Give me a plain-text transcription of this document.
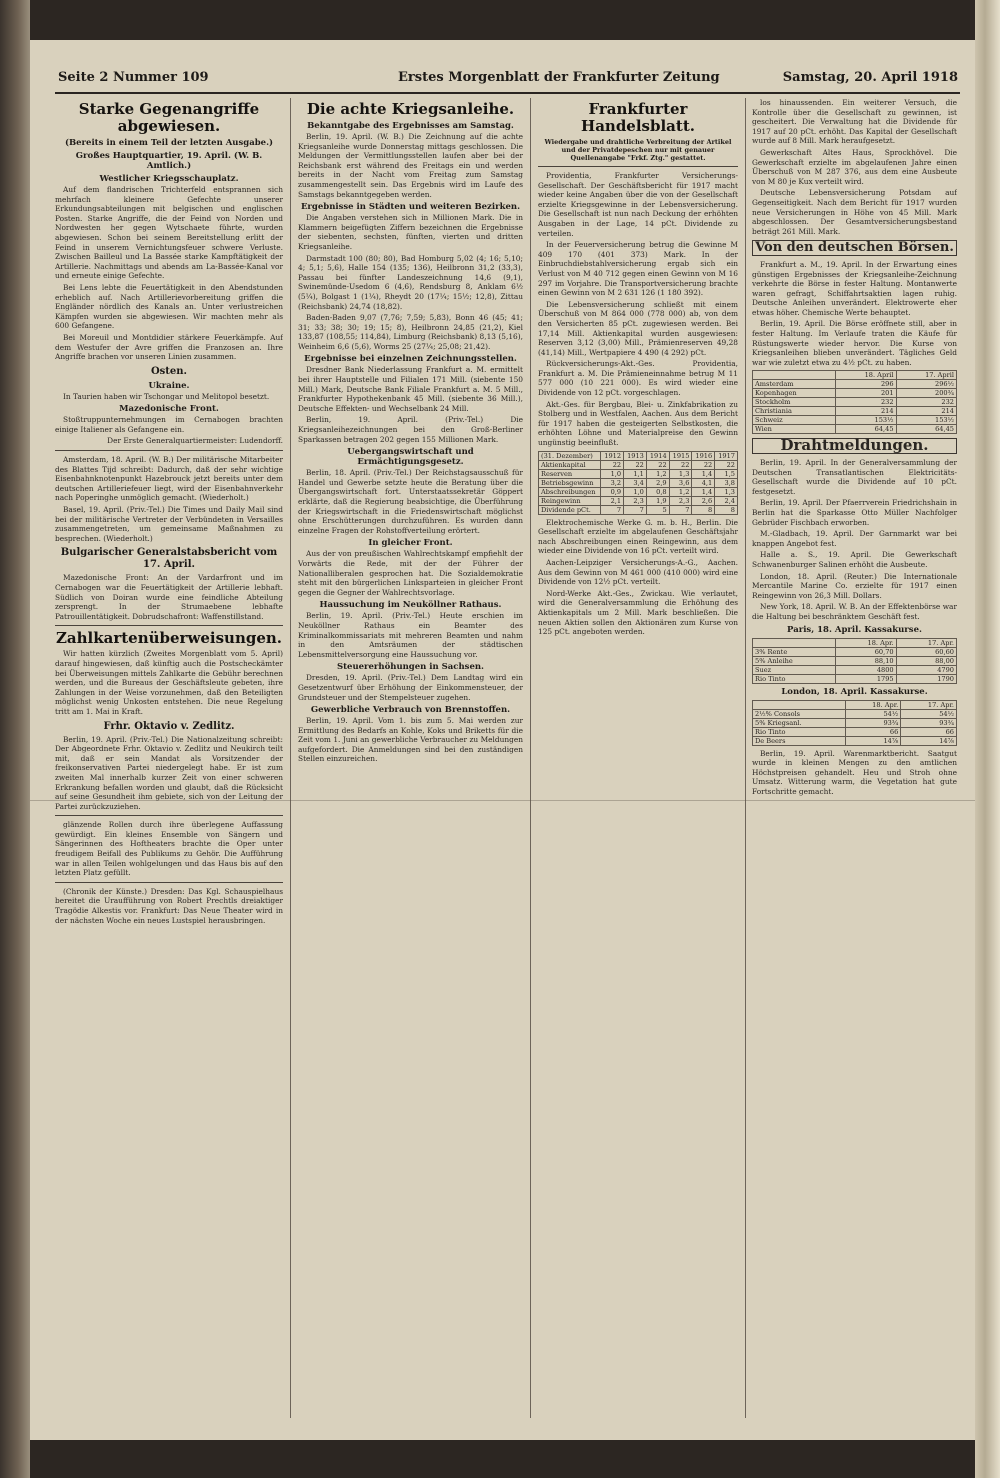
Seite 2 Nummer 109	Erstes Morgenblatt der Frankfurter Zeitung	Samstag, 20. April 1918
Starke Gegenangriffe abgewiesen.
(Bereits in einem Teil der letzten Ausgabe.)
Großes Hauptquartier, 19. April. (W. B. Amtlich.)
Westlicher Kriegsschauplatz.

Auf dem flandrischen Trichterfeld entsprannen sich mehrfach kleinere Gefechte unserer Erkundungsabteilungen mit belgischen und englischen Posten. Starke Angriffe, die der Feind von Norden und Nordwesten her gegen Wytschaete führte, wurden abgewiesen. Schon bei seinem Bereitstellung erlitt der Feind in unserem Vernichtungsfeuer schwere Verluste. Zwischen Bailleul und La Bassée starke Kampftätigkeit der Artillerie. Nachmittags und abends am La-Bassée-Kanal vor und erneute einige Gefechte.

Bei Lens lebte die Feuertätigkeit in den Abendstunden erheblich auf. Nach Artillerievorbereitung griffen die Engländer nördlich des Kanals an. Unter verlustreichen Kämpfen wurden sie abgewiesen. Wir machten mehr als 600 Gefangene.

Bei Moreuil und Montdidier stärkere Feuerkämpfe. Auf dem Westufer der Avre griffen die Franzosen an. Ihre Angriffe brachen vor unseren Linien zusammen.

Osten.
Ukraine.

In Taurien haben wir Tschongar und Melitopol besetzt.

Mazedonische Front.

Stoßtruppunternehmungen im Cernabogen brachten einige Italiener als Gefangene ein.

Der Erste Generalquartiermeister: Ludendorff.

Amsterdam, 18. April. (W. B.) Der militärische Mitarbeiter des Blattes Tijd schreibt: Dadurch, daß der sehr wichtige Eisenbahnknotenpunkt Hazebrouck jetzt bereits unter dem deutschen Artilleriefeuer liegt, wird der Eisenbahnverkehr nach Poperinghe unmöglich gemacht. (Wiederholt.)

Basel, 19. April. (Priv.-Tel.) Die Times und Daily Mail sind bei der militärische Vertreter der Verbündeten in Versailles zusammengetreten, um gemeinsame Maßnahmen zu besprechen. (Wiederholt.)

Bulgarischer Generalstabsbericht vom 17. April.

Mazedonische Front: An der Vardarfront und im Cernabogen war die Feuertätigkeit der Artillerie lebhaft. Südlich von Doiran wurde eine feindliche Abteilung zersprengt. In der Strumaebene lebhafte Patrouillentätigkeit. Dobrudschafront: Waffenstillstand.

Zahlkartenüberweisungen.

Wir hatten kürzlich (Zweites Morgenblatt vom 5. April) darauf hingewiesen, daß künftig auch die Postscheckämter bei Überweisungen mittels Zahlkarte die Gebühr berechnen werden, und die Bureaus der Geschäftsleute gebeten, ihre Zahlungen in der Weise vorzunehmen, daß den Beteiligten möglichst wenig Unkosten entstehen. Die neue Regelung tritt am 1. Mai in Kraft.

Frhr. Oktavio v. Zedlitz.

Berlin, 19. April. (Priv.-Tel.) Die Nationalzeitung schreibt: Der Abgeordnete Frhr. Oktavio v. Zedlitz und Neukirch teilt mit, daß er sein Mandat als Vorsitzender der freikonservativen Partei niedergelegt habe. Er ist zum zweiten Mal innerhalb kurzer Zeit von einer schweren Erkrankung befallen worden und glaubt, daß die Rücksicht auf seine Gesundheit ihm gebiete, sich von der Leitung der Partei zurückzuziehen.

glänzende Rollen durch ihre überlegene Auffassung gewürdigt. Ein kleines Ensemble von Sängern und Sängerinnen des Hoftheaters brachte die Oper unter freudigem Beifall des Publikums zu Gehör. Die Aufführung war in allen Teilen wohlgelungen und das Haus bis auf den letzten Platz gefüllt.

(Chronik der Künste.) Dresden: Das Kgl. Schauspielhaus bereitet die Uraufführung von Robert Prechtls dreiaktiger Tragödie Alkestis vor. Frankfurt: Das Neue Theater wird in der nächsten Woche ein neues Lustspiel herausbringen.

Die achte Kriegsanleihe.
Bekanntgabe des Ergebnisses am Samstag.

Berlin, 19. April. (W. B.) Die Zeichnung auf die achte Kriegsanleihe wurde Donnerstag mittags geschlossen. Die Meldungen der Vermittlungsstellen laufen aber bei der Reichsbank erst während des Freitags ein und werden bereits in der Nacht vom Freitag zum Samstag zusammengestellt sein. Das Ergebnis wird im Laufe des Samstags bekanntgegeben werden.

Ergebnisse in Städten und weiteren Bezirken.

Die Angaben verstehen sich in Millionen Mark. Die in Klammern beigefügten Ziffern bezeichnen die Ergebnisse der siebenten, sechsten, fünften, vierten und dritten Kriegsanleihe.

Darmstadt 100 (80; 80), Bad Homburg 5,02 (4; 16; 5,10; 4; 5,1; 5,6), Halle 154 (135; 136), Heilbronn 31,2 (33,3), Passau bei fünfter Landeszeichnung 14,6 (9,1), Swinemünde-Usedom 6 (4,6), Rendsburg 8, Anklam 6½ (5¼), Bolgast 1 (1¼), Rheydt 20 (17¼; 15½; 12,8), Zittau (Reichsbank) 24,74 (18,82).

Baden-Baden 9,07 (7,76; 7,59; 5,83), Bonn 46 (45; 41; 31; 33; 38; 30; 19; 15; 8), Heilbronn 24,85 (21,2), Kiel 133,87 (108,55; 114,84), Limburg (Reichsbank) 8,13 (5,16), Weinheim 6,6 (5,6), Worms 25 (27¼; 25,08; 21,42).

Ergebnisse bei einzelnen Zeichnungsstellen.

Dresdner Bank Niederlassung Frankfurt a. M. ermittelt bei ihrer Hauptstelle und Filialen 171 Mill. (siebente 150 Mill.) Mark, Deutsche Bank Filiale Frankfurt a. M. 5 Mill., Frankfurter Hypothekenbank 45 Mill. (siebente 36 Mill.), Deutsche Effekten- und Wechselbank 24 Mill.

Berlin, 19. April. (Priv.-Tel.) Die Kriegsanleihezeichnungen bei den Groß-Berliner Sparkassen betragen 202 gegen 155 Millionen Mark.

Uebergangswirtschaft und Ermächtigungsgesetz.

Berlin, 18. April. (Priv.-Tel.) Der Reichstagsausschuß für Handel und Gewerbe setzte heute die Beratung über die Übergangswirtschaft fort. Unterstaatssekretär Göppert erklärte, daß die Regierung beabsichtige, die Überführung der Kriegswirtschaft in die Friedenswirtschaft möglichst ohne Erschütterungen durchzuführen. Es wurden dann einzelne Fragen der Rohstoffverteilung erörtert.

In gleicher Front.

Aus der von preußischen Wahlrechtskampf empfiehlt der Vorwärts die Rede, mit der der Führer der Nationalliberalen gesprochen hat. Die Sozialdemokratie steht mit den bürgerlichen Linksparteien in gleicher Front gegen die Gegner der Wahlrechtsvorlage.

Haussuchung im Neuköllner Rathaus.

Berlin, 19. April. (Priv.-Tel.) Heute erschien im Neuköllner Rathaus ein Beamter des Kriminalkommissariats mit mehreren Beamten und nahm in den Amtsräumen der städtischen Lebensmittelversorgung eine Haussuchung vor.

Steuererhöhungen in Sachsen.

Dresden, 19. April. (Priv.-Tel.) Dem Landtag wird ein Gesetzentwurf über Erhöhung der Einkommensteuer, der Grundsteuer und der Stempelsteuer zugehen.

Gewerbliche Verbrauch von Brennstoffen.

Berlin, 19. April. Vom 1. bis zum 5. Mai werden zur Ermittlung des Bedarfs an Kohle, Koks und Briketts für die Zeit vom 1. Juni an gewerbliche Verbraucher zu Meldungen aufgefordert. Die Anmeldungen sind bei den zuständigen Stellen einzureichen.

Frankfurter Handelsblatt.
Wiedergabe und drahtliche Verbreitung der Artikel und der Privatdepeschen nur mit genauer Quellenangabe "Frkf. Ztg." gestattet.

Providentia, Frankfurter Versicherungs-Gesellschaft. Der Geschäftsbericht für 1917 macht wieder keine Angaben über die von der Gesellschaft erzielte Kriegsgewinne in der Lebensversicherung. Die Gesellschaft ist nun nach Deckung der erhöhten Ausgaben in der Lage, 14 pCt. Dividende zu verteilen.

In der Feuerversicherung betrug die Gewinne M 409 170 (401 373) Mark. In der Einbruchdiebstahlversicherung ergab sich ein Verlust von M 40 712 gegen einen Gewinn von M 16 297 im Vorjahre. Die Transportversicherung brachte einen Gewinn von M 2 631 126 (1 180 392).

Die Lebensversicherung schließt mit einem Überschuß von M 864 000 (778 000) ab, von dem den Versicherten 85 pCt. zugewiesen werden. Bei 17,14 Mill. Aktienkapital wurden ausgewiesen: Reserven 3,12 (3,00) Mill., Prämienreserven 49,28 (41,14) Mill., Wertpapiere 4 490 (4 292) pCt.

Rückversicherungs-Akt.-Ges. Providentia, Frankfurt a. M. Die Prämieneinnahme betrug M 11 577 000 (10 221 000). Es wird wieder eine Dividende von 12 pCt. vorgeschlagen.

Akt.-Ges. für Bergbau, Blei- u. Zinkfabrikation zu Stolberg und in Westfalen, Aachen. Aus dem Bericht für 1917 haben die gesteigerten Selbstkosten, die erhöhten Löhne und Materialpreise den Gewinn ungünstig beeinflußt.

(31. Dezember)	1912	1913	1914	1915	1916	1917
Aktienkapital	22	22	22	22	22	22
Reserven	1,0	1,1	1,2	1,3	1,4	1,5
Betriebsgewinn	3,2	3,4	2,9	3,6	4,1	3,8
Abschreibungen	0,9	1,0	0,8	1,2	1,4	1,3
Reingewinn	2,1	2,3	1,9	2,3	2,6	2,4
Dividende pCt.	7	7	5	7	8	8

Elektrochemische Werke G. m. b. H., Berlin. Die Gesellschaft erzielte im abgelaufenen Geschäftsjahr nach Abschreibungen einen Reingewinn, aus dem wieder eine Dividende von 16 pCt. verteilt wird.

Aachen-Leipziger Versicherungs-A.-G., Aachen. Aus dem Gewinn von M 461 000 (410 000) wird eine Dividende von 12½ pCt. verteilt.

Nord-Werke Akt.-Ges., Zwickau. Wie verlautet, wird die Generalversammlung die Erhöhung des Aktienkapitals um 2 Mill. Mark beschließen. Die neuen Aktien sollen den Aktionären zum Kurse von 125 pCt. angeboten werden.

los hinaussenden. Ein weiterer Versuch, die Kontrolle über die Gesellschaft zu gewinnen, ist gescheitert. Die Verwaltung hat die Dividende für 1917 auf 20 pCt. erhöht. Das Kapital der Gesellschaft wurde auf 8 Mill. Mark heraufgesetzt.

Gewerkschaft Altes Haus, Sprockhövel. Die Gewerkschaft erzielte im abgelaufenen Jahre einen Überschuß von M 287 376, aus dem eine Ausbeute von M 80 je Kux verteilt wird.

Deutsche Lebensversicherung Potsdam auf Gegenseitigkeit. Nach dem Bericht für 1917 wurden neue Versicherungen in Höhe von 45 Mill. Mark abgeschlossen. Der Gesamtversicherungsbestand beträgt 261 Mill. Mark.

Von den deutschen Börsen.

Frankfurt a. M., 19. April. In der Erwartung eines günstigen Ergebnisses der Kriegsanleihe-Zeichnung verkehrte die Börse in fester Haltung. Montanwerte waren gefragt, Schiffahrtsaktien lagen ruhig. Deutsche Anleihen unverändert. Elektrowerte eher etwas höher. Chemische Werte behauptet.

Berlin, 19. April. Die Börse eröffnete still, aber in fester Haltung. Im Verlaufe traten die Käufe für Rüstungswerte wieder hervor. Die Kurse von Kriegsanleihen blieben unverändert. Tägliches Geld war wie zuletzt etwa zu 4½ pCt. zu haben.

	18. April	17. April
Amsterdam	296	296½
Kopenhagen	201	200¾
Stockholm	232	232
Christiania	214	214
Schweiz	153½	153½
Wien	64,45	64,45
Drahtmeldungen.

Berlin, 19. April. In der Generalversammlung der Deutschen Transatlantischen Elektricitäts-Gesellschaft wurde die Dividende auf 10 pCt. festgesetzt.

Berlin, 19. April. Der Pfaerrverein Friedrichshain in Berlin hat die Sparkasse Otto Müller Nachfolger Gebrüder Fischbach erworben.

M.-Gladbach, 19. April. Der Garnmarkt war bei knappen Angebot fest.

Halle a. S., 19. April. Die Gewerkschaft Schwanenburger Salinen erhöht die Ausbeute.

London, 18. April. (Reuter.) Die Internationale Mercantile Marine Co. erzielte für 1917 einen Reingewinn von 26,3 Mill. Dollars.

New York, 18. April. W. B. An der Effektenbörse war die Haltung bei beschränktem Geschäft fest.

Paris, 18. April. Kassakurse.
	18. Apr.	17. Apr.
3% Rente	60,70	60,60
5% Anleihe	88,10	88,00
Suez	4800	4790
Rio Tinto	1795	1790
London, 18. April. Kassakurse.
	18. Apr.	17. Apr.
2½% Consols	54½	54½
5% Kriegsanl.	93¾	93¾
Rio Tinto	66	66
De Beers	14⅞	14⅞

Berlin, 19. April. Warenmarktbericht. Saatgut wurde in kleinen Mengen zu den amtlichen Höchstpreisen gehandelt. Heu und Stroh ohne Umsatz. Witterung warm, die Vegetation hat gute Fortschritte gemacht.
